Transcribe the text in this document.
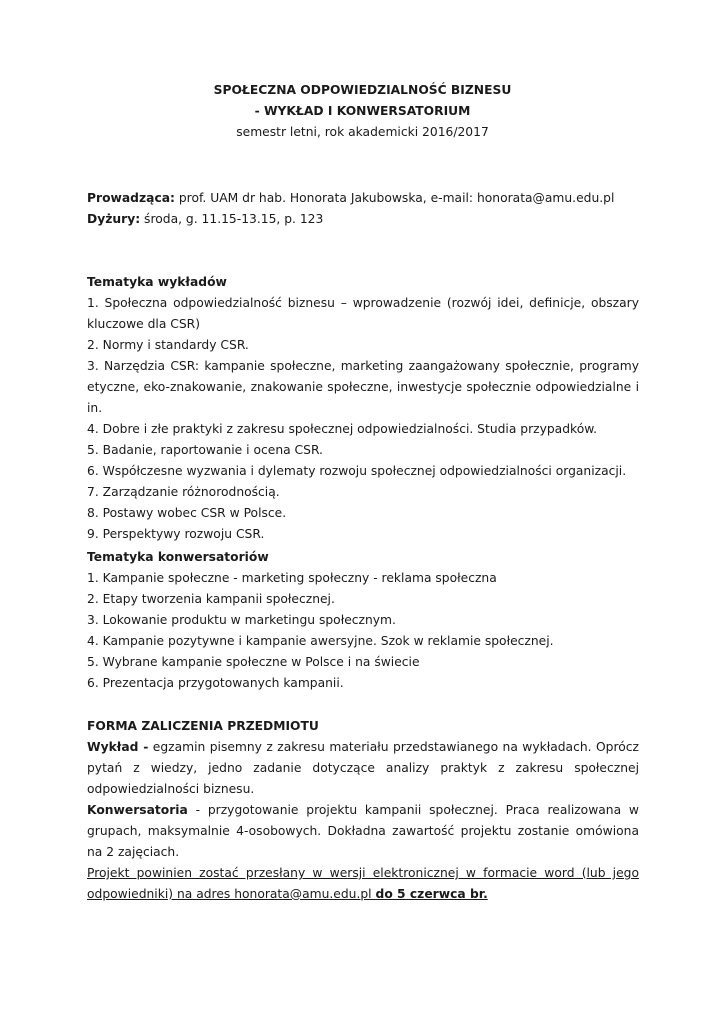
SPOŁECZNA ODPOWIEDZIALNOŚĆ BIZNESU
- WYKŁAD I KONWERSATORIUM
semestr letni, rok akademicki 2016/2017

Prowadząca: prof. UAM dr hab. Honorata Jakubowska, e-mail: honorata@amu.edu.pl

Dyżury: środa, g. 11.15-13.15, p. 123

Tematyka wykładów

1. Społeczna odpowiedzialność biznesu – wprowadzenie (rozwój idei, definicje, obszary kluczowe dla CSR)

2. Normy i standardy CSR.

3. Narzędzia CSR: kampanie społeczne, marketing zaangażowany społecznie, programy etyczne, eko-znakowanie, znakowanie społeczne, inwestycje społecznie odpowiedzialne i in.

4. Dobre i złe praktyki z zakresu społecznej odpowiedzialności. Studia przypadków.

5. Badanie, raportowanie i ocena CSR.

6. Współczesne wyzwania i dylematy rozwoju społecznej odpowiedzialności organizacji.

7. Zarządzanie różnorodnością.

8. Postawy wobec CSR w Polsce.

9. Perspektywy rozwoju CSR.

Tematyka konwersatoriów

1. Kampanie społeczne - marketing społeczny - reklama społeczna

2. Etapy tworzenia kampanii społecznej.

3. Lokowanie produktu w marketingu społecznym.

4. Kampanie pozytywne i kampanie awersyjne. Szok w reklamie społecznej.

5. Wybrane kampanie społeczne w Polsce i na świecie

6. Prezentacja przygotowanych kampanii.

FORMA ZALICZENIA PRZEDMIOTU

Wykład - egzamin pisemny z zakresu materiału przedstawianego na wykładach. Oprócz pytań z wiedzy, jedno zadanie dotyczące analizy praktyk z zakresu społecznej odpowiedzialności biznesu.

Konwersatoria - przygotowanie projektu kampanii społecznej. Praca realizowana w grupach, maksymalnie 4-osobowych. Dokładna zawartość projektu zostanie omówiona na 2 zajęciach.

Projekt powinien zostać przesłany w wersji elektronicznej w formacie word (lub jego odpowiedniki) na adres honorata@amu.edu.pl do 5 czerwca br.
